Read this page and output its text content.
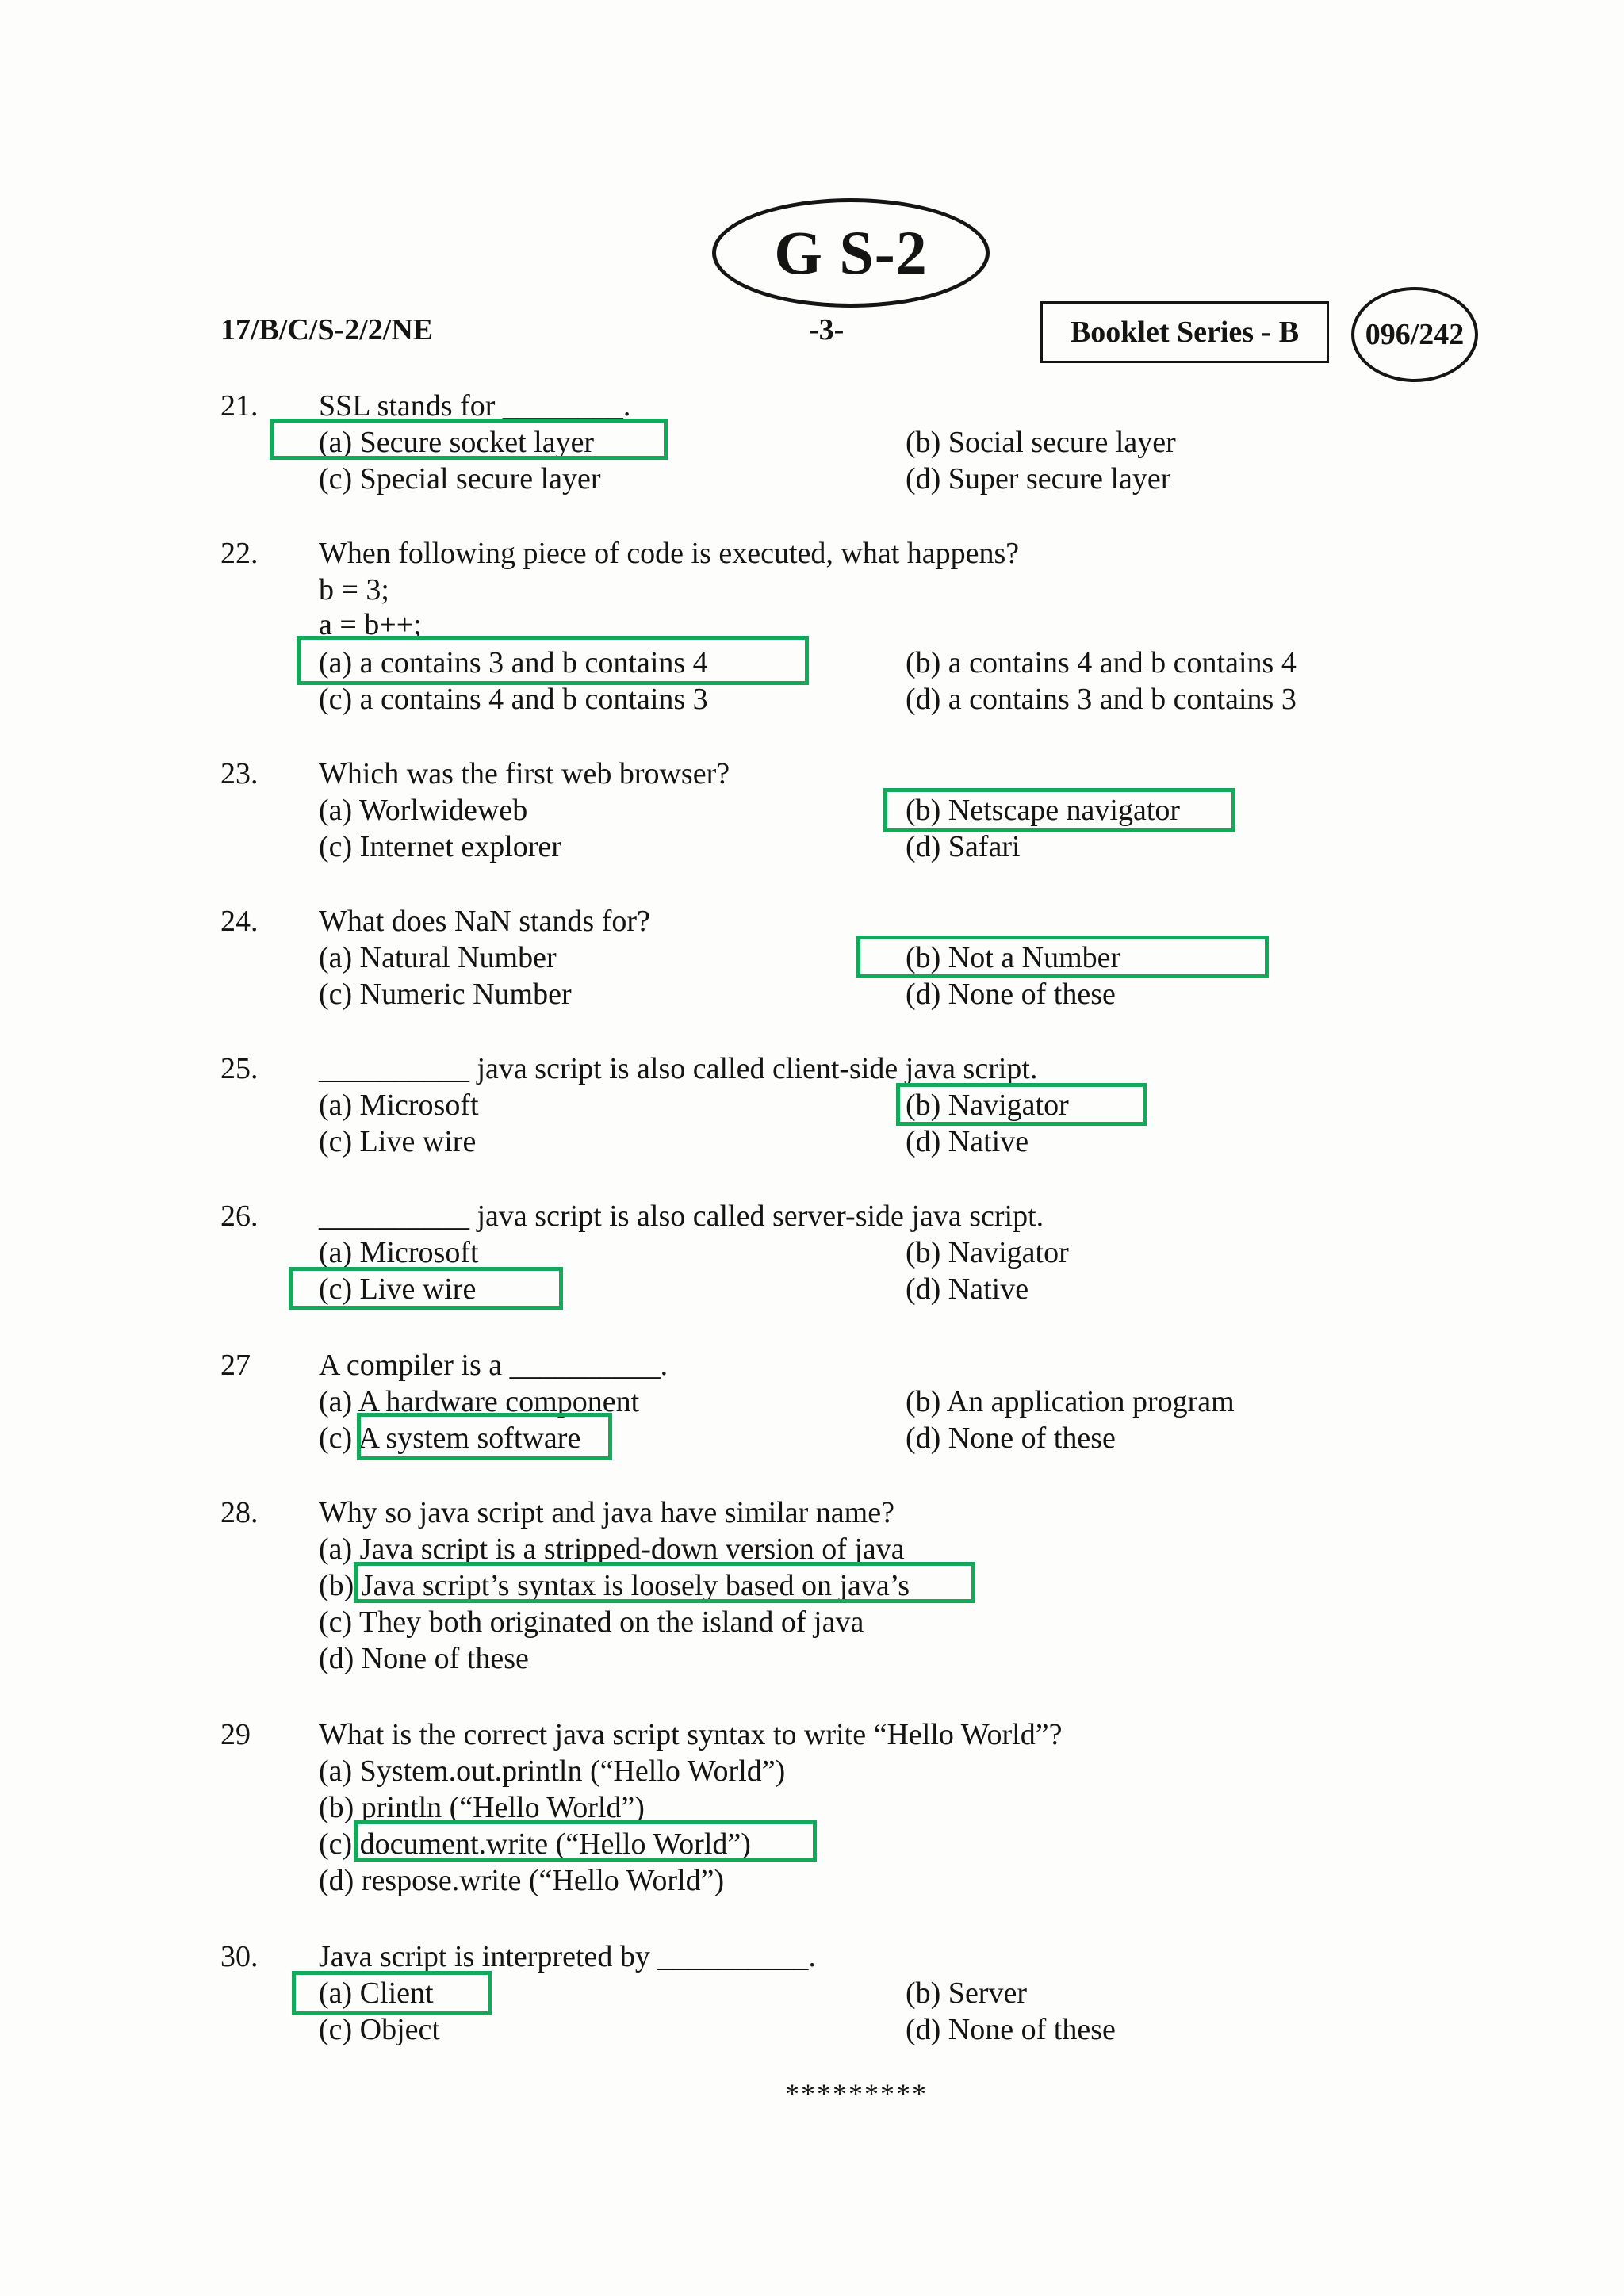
G S-2
17/B/C/S-2/2/NE	-3-	Booklet Series - B	096/242
21. SSL stands for ________.
(a) Secure socket layer	(b) Social secure layer
(c) Special secure layer	(d) Super secure layer
22. When following piece of code is executed, what happens?
b = 3;
a = b++;
(a) a contains 3 and b contains 4	(b) a contains 4 and b contains 4
(c) a contains 4 and b contains 3	(d) a contains 3 and b contains 3
23. Which was the first web browser?
(a) Worlwideweb	(b) Netscape navigator
(c) Internet explorer	(d) Safari
24. What does NaN stands for?
(a) Natural Number	(b) Not a Number
(c) Numeric Number	(d) None of these
25. __________ java script is also called client-side java script.
(a) Microsoft	(b) Navigator
(c) Live wire	(d) Native
26. __________ java script is also called server-side java script.
(a) Microsoft	(b) Navigator
(c) Live wire	(d) Native
27 A compiler is a __________.
(a) A hardware component	(b) An application program
(c) A system software	(d) None of these
28. Why so java script and java have similar name?
(a) Java script is a stripped-down version of java
(b) Java script’s syntax is loosely based on java’s
(c) They both originated on the island of java
(d) None of these
29 What is the correct java script syntax to write “Hello World”?
(a) System.out.println (“Hello World”)
(b) println (“Hello World”)
(c) document.write (“Hello World”)
(d) respose.write (“Hello World”)
30. Java script is interpreted by __________.
(a) Client	(b) Server
(c) Object	(d) None of these
*********
